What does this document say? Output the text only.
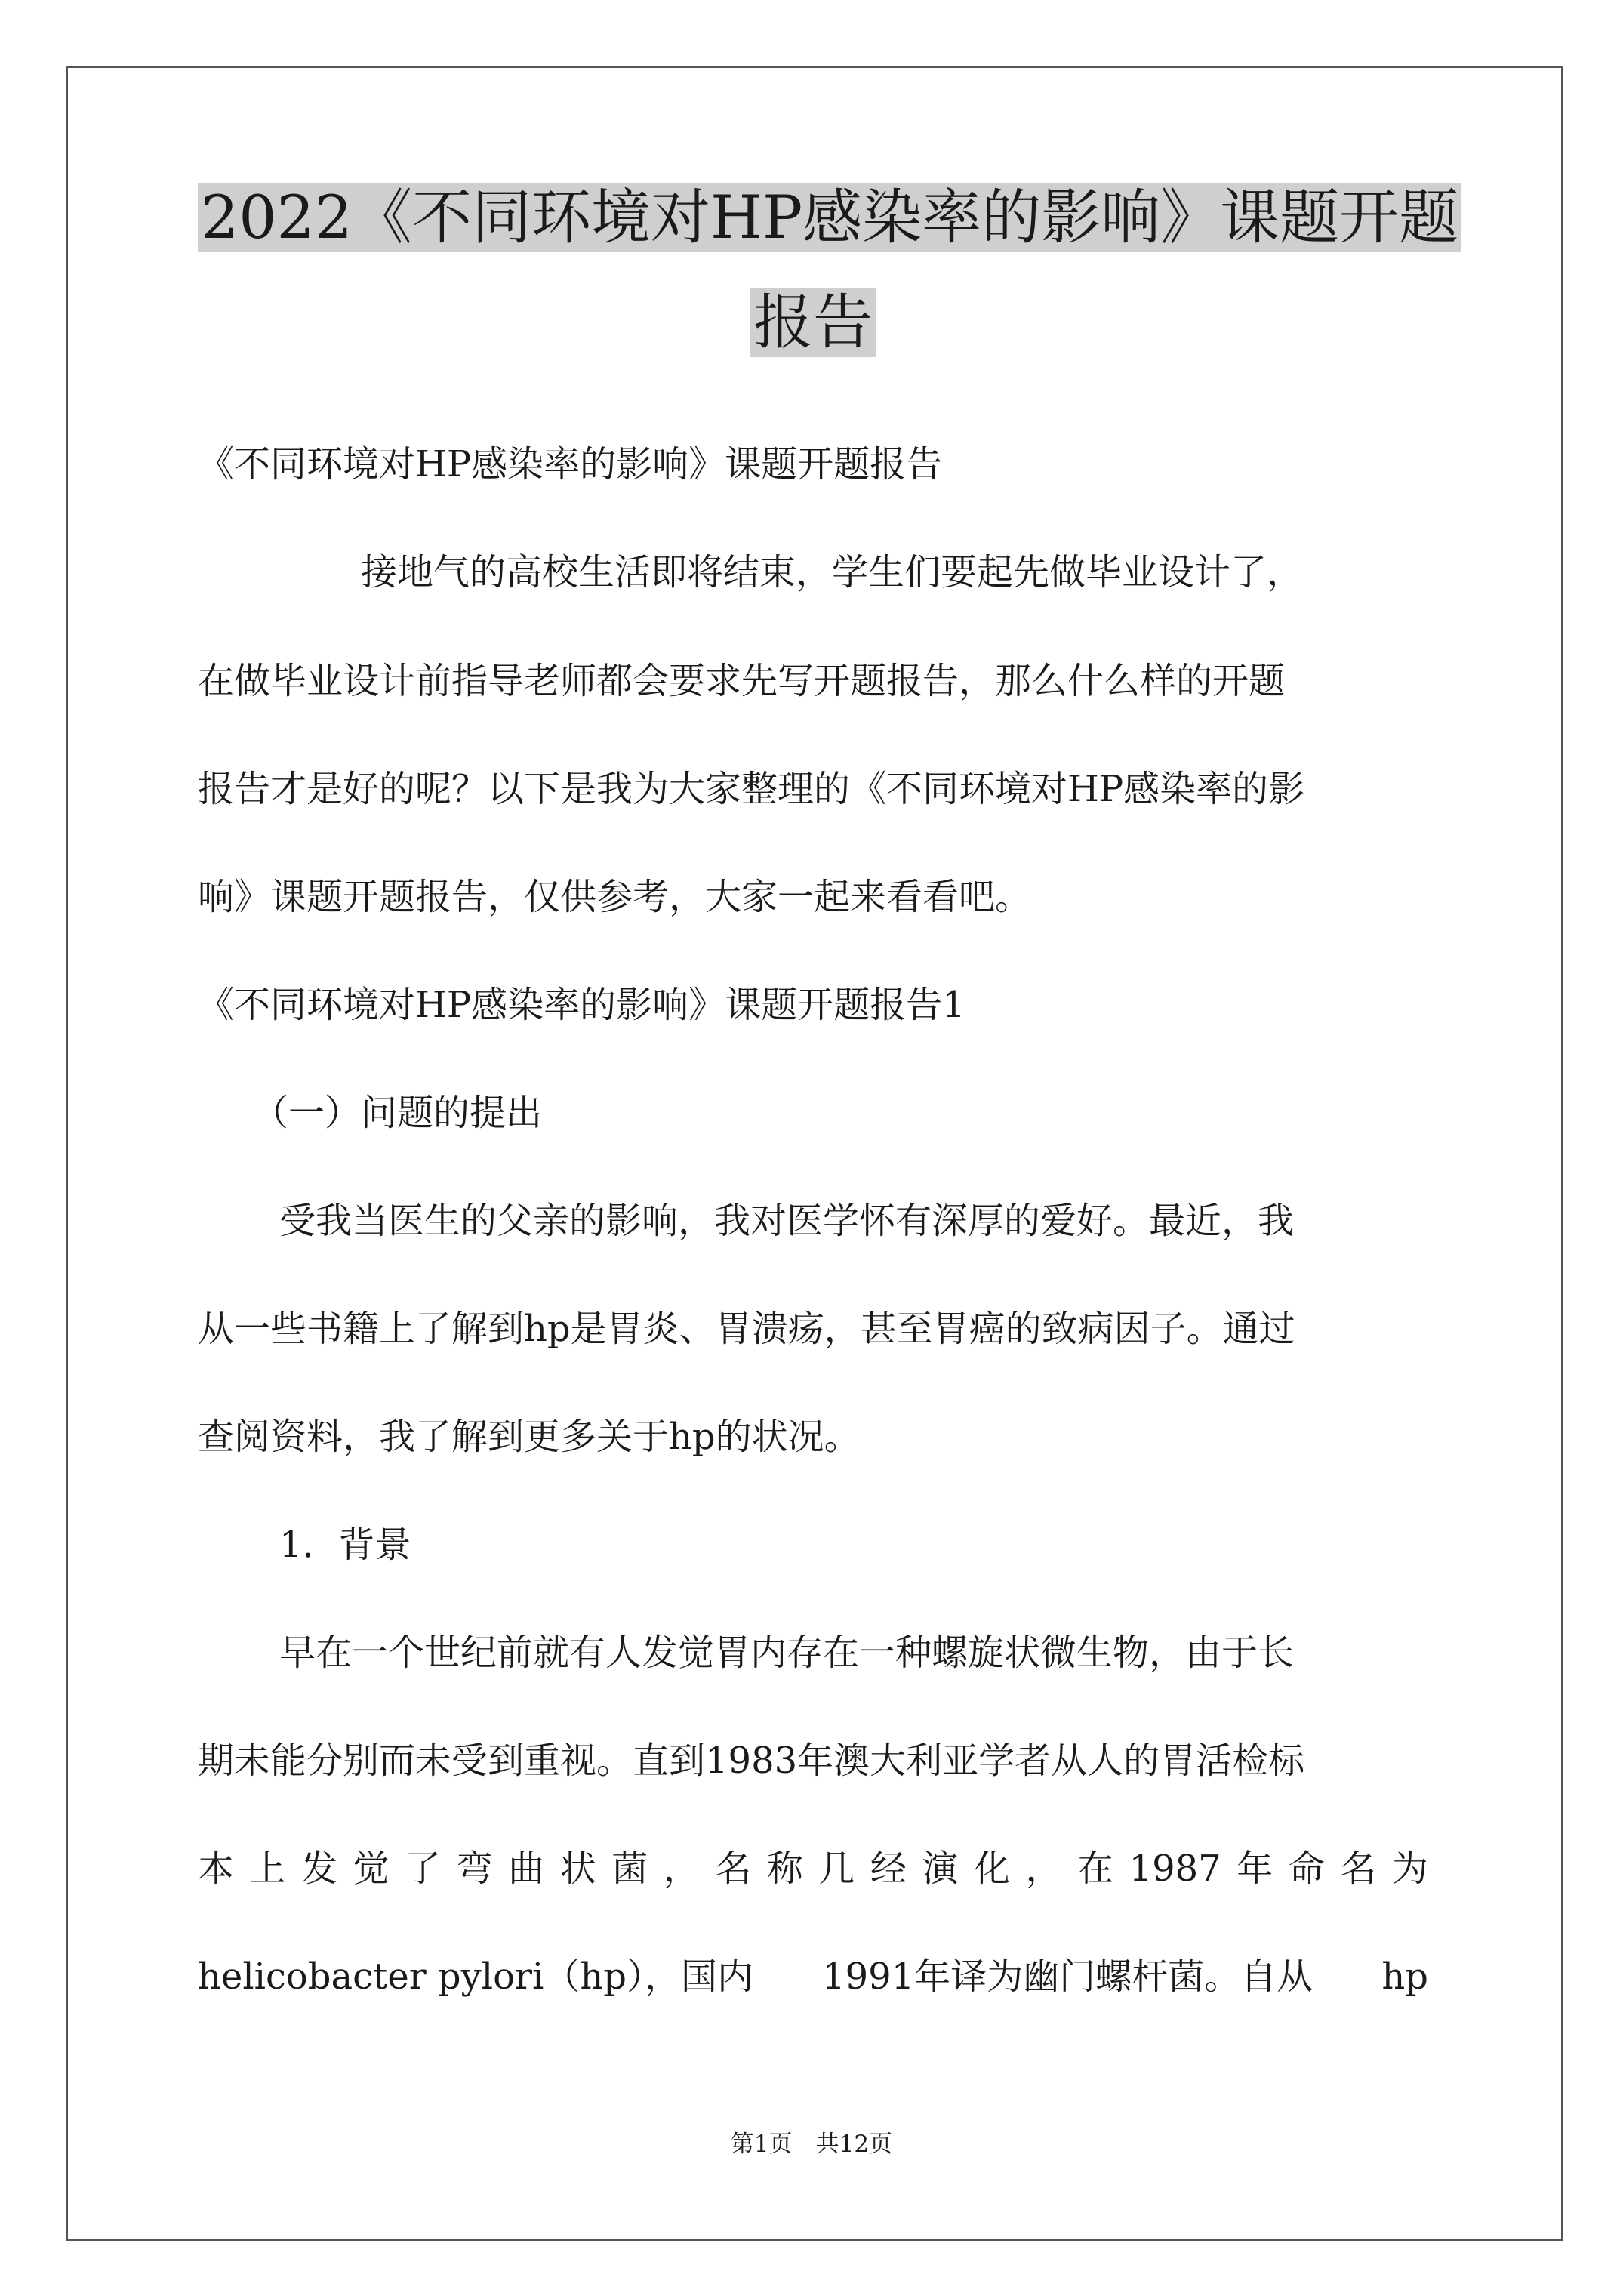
2022《不同环境对HP感染率的影响》课题开题
报告
《不同环境对HP感染率的影响》课题开题报告
接地气的高校生活即将结束，学生们要起先做毕业设计了，
在做毕业设计前指导老师都会要求先写开题报告，那么什么样的开题
报告才是好的呢？以下是我为大家整理的《不同环境对HP感染率的影
响》课题开题报告，仅供参考，大家一起来看看吧。
《不同环境对HP感染率的影响》课题开题报告1
（一）问题的提出
受我当医生的父亲的影响，我对医学怀有深厚的爱好。最近，我
从一些书籍上了解到hp是胃炎、胃溃疡，甚至胃癌的致病因子。通过
查阅资料，我了解到更多关于hp的状况。
1．背景
早在一个世纪前就有人发觉胃内存在一种螺旋状微生物，由于长
期未能分别而未受到重视。直到1983年澳大利亚学者从人的胃活检标
本 上 发 觉 了 弯 曲 状 菌 ， 名 称 几 经 演 化 ， 在 1987 年 命 名 为
helicobacter pylori（hp），国内 1991年译为幽门螺杆菌。自从 hp
第1页　共12页
